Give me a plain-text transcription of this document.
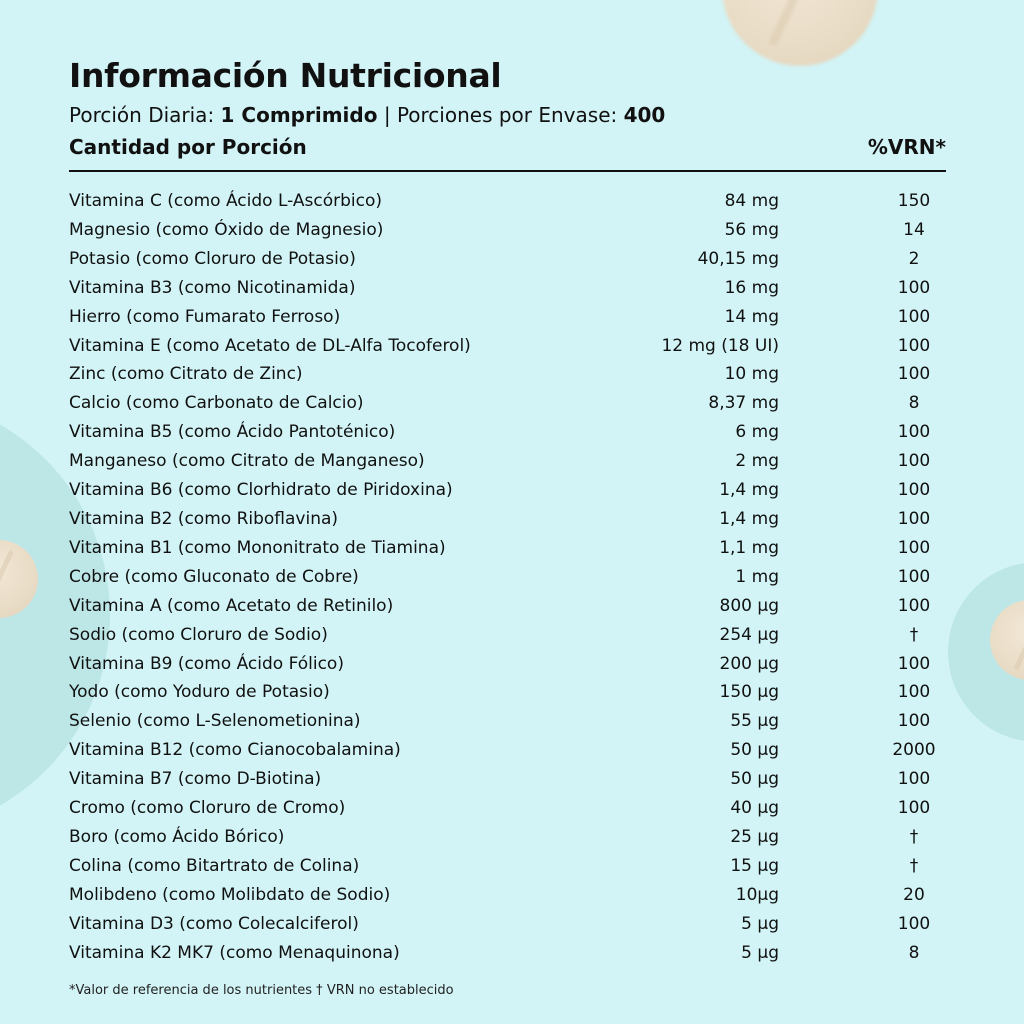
Información Nutricional
Porción Diaria: 1 Comprimido | Porciones por Envase: 400
Cantidad por Porción	%VRN*
Vitamina C (como Ácido L-Ascórbico)	84 mg	150
Magnesio (como Óxido de Magnesio)	56 mg	14
Potasio (como Cloruro de Potasio)	40,15 mg	2
Vitamina B3 (como Nicotinamida)	16 mg	100
Hierro (como Fumarato Ferroso)	14 mg	100
Vitamina E (como Acetato de DL-Alfa Tocoferol)	12 mg (18 UI)	100
Zinc (como Citrato de Zinc)	10 mg	100
Calcio (como Carbonato de Calcio)	8,37 mg	8
Vitamina B5 (como Ácido Pantoténico)	6 mg	100
Manganeso (como Citrato de Manganeso)	2 mg	100
Vitamina B6 (como Clorhidrato de Piridoxina)	1,4 mg	100
Vitamina B2 (como Riboflavina)	1,4 mg	100
Vitamina B1 (como Mononitrato de Tiamina)	1,1 mg	100
Cobre (como Gluconato de Cobre)	1 mg	100
Vitamina A (como Acetato de Retinilo)	800 µg	100
Sodio (como Cloruro de Sodio)	254 µg	†
Vitamina B9 (como Ácido Fólico)	200 µg	100
Yodo (como Yoduro de Potasio)	150 µg	100
Selenio (como L-Selenometionina)	55 µg	100
Vitamina B12 (como Cianocobalamina)	50 µg	2000
Vitamina B7 (como D-Biotina)	50 µg	100
Cromo (como Cloruro de Cromo)	40 µg	100
Boro (como Ácido Bórico)	25 µg	†
Colina (como Bitartrato de Colina)	15 µg	†
Molibdeno (como Molibdato de Sodio)	10µg	20
Vitamina D3 (como Colecalciferol)	5 µg	100
Vitamina K2 MK7 (como Menaquinona)	5 µg	8
*Valor de referencia de los nutrientes † VRN no establecido
